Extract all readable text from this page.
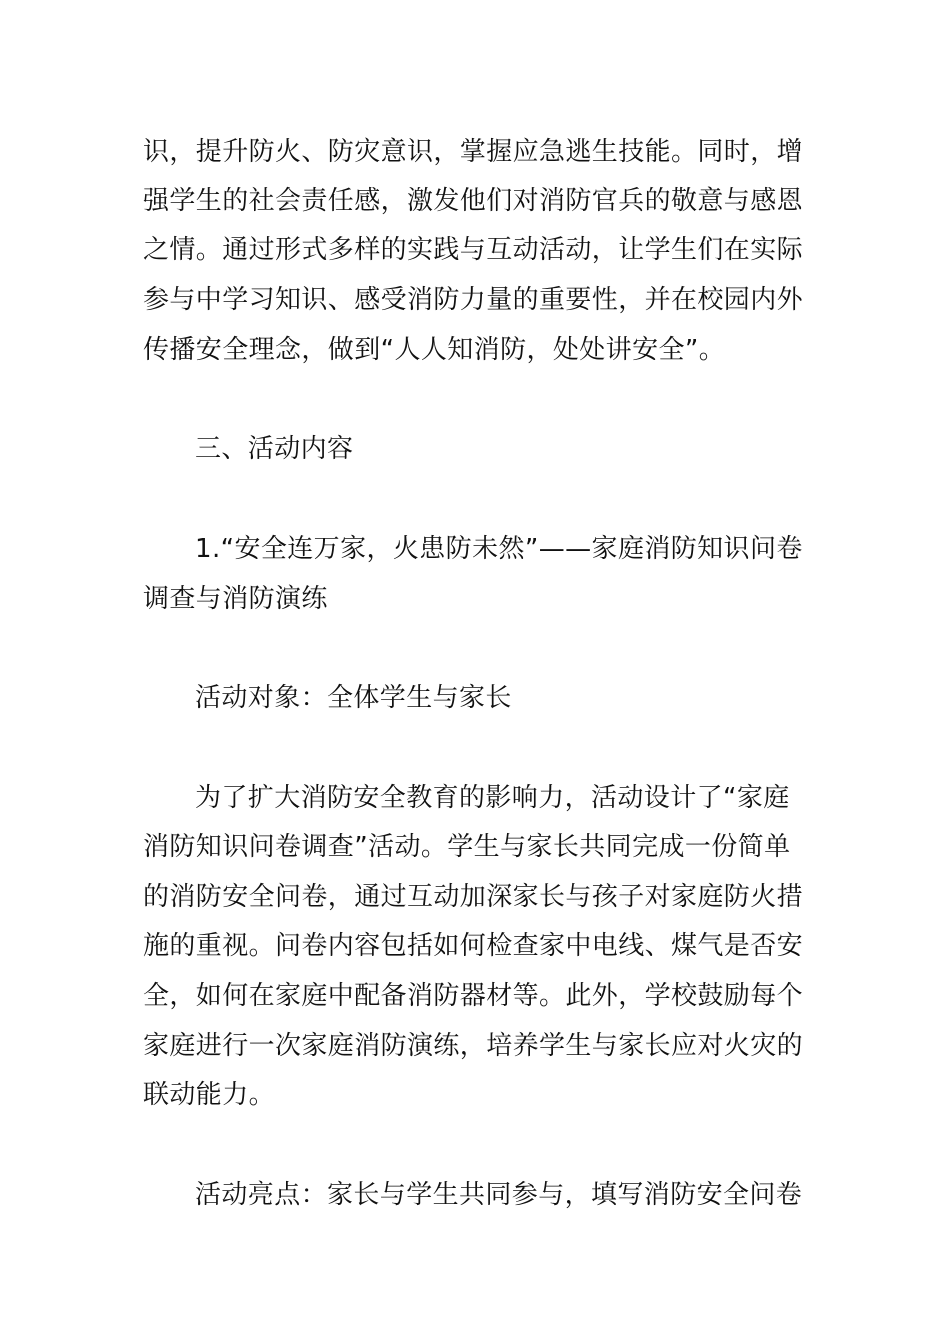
识，提升防火、防灾意识，掌握应急逃生技能。同时，增
强学生的社会责任感，激发他们对消防官兵的敬意与感恩
之情。通过形式多样的实践与互动活动，让学生们在实际
参与中学习知识、感受消防力量的重要性，并在校园内外
传播安全理念，做到“人人知消防，处处讲安全”。
三、活动内容
1.“安全连万家，火患防未然”——家庭消防知识问卷
调查与消防演练
活动对象：全体学生与家长
为了扩大消防安全教育的影响力，活动设计了“家庭
消防知识问卷调查”活动。学生与家长共同完成一份简单
的消防安全问卷，通过互动加深家长与孩子对家庭防火措
施的重视。问卷内容包括如何检查家中电线、煤气是否安
全，如何在家庭中配备消防器材等。此外，学校鼓励每个
家庭进行一次家庭消防演练，培养学生与家长应对火灾的
联动能力。
活动亮点：家长与学生共同参与，填写消防安全问卷
